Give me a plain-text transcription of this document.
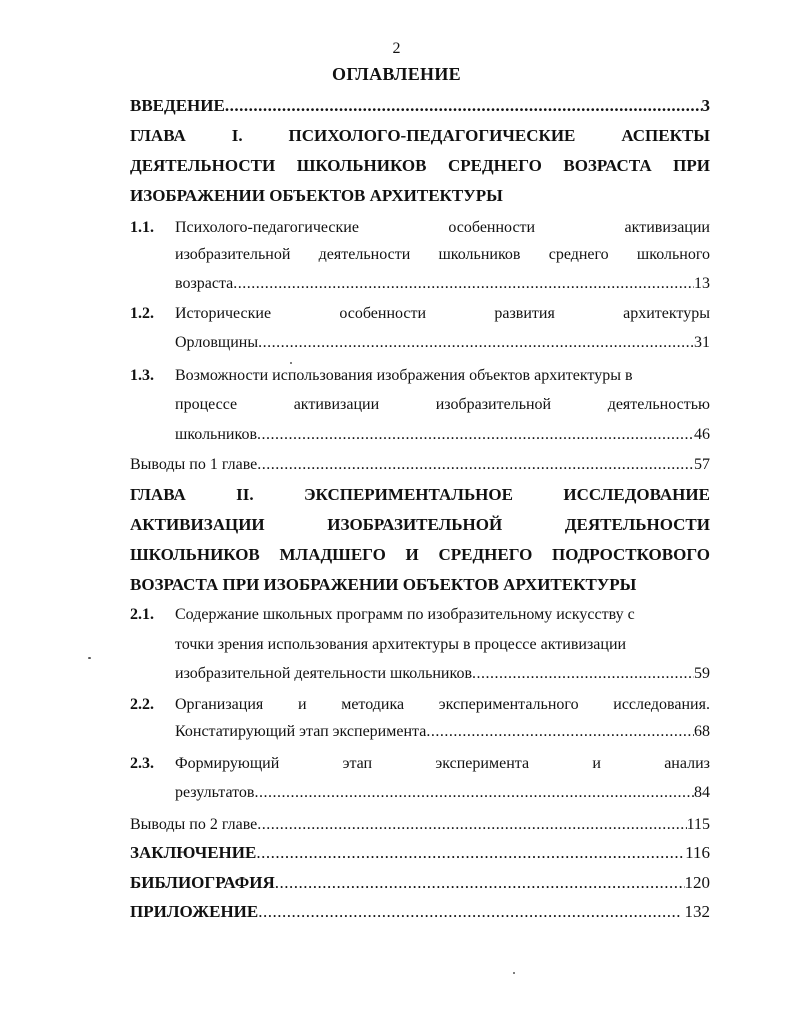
2
ОГЛАВЛЕНИЕ
ВВЕДЕНИЕ .....	3
ГЛАВА	I.	ПСИХОЛОГО-ПЕДАГОГИЧЕСКИЕ	АСПЕКТЫ
ДЕЯТЕЛЬНОСТИ ШКОЛЬНИКОВ СРЕДНЕГО ВОЗРАСТА ПРИ
ИЗОБРАЖЕНИИ ОБЪЕКТОВ АРХИТЕКТУРЫ
1.1. Психолого-педагогические	особенности	активизации
изобразительной деятельности школьников среднего школьного
возраста .....	13
1.2. Исторические	особенности	развития	архитектуры
Орловщины .....	31
1.3. Возможности использования изображения объектов архитектуры в
процессе	активизации	изобразительной	деятельностью
школьников .....	46
Выводы по 1 главе .....	57
ГЛАВА	II.	ЭКСПЕРИМЕНТАЛЬНОЕ	ИССЛЕДОВАНИЕ
АКТИВИЗАЦИИ	ИЗОБРАЗИТЕЛЬНОЙ	ДЕЯТЕЛЬНОСТИ
ШКОЛЬНИКОВ МЛАДШЕГО И СРЕДНЕГО ПОДРОСТКОВОГО
ВОЗРАСТА ПРИ ИЗОБРАЖЕНИИ ОБЪЕКТОВ АРХИТЕКТУРЫ
2.1. Содержание школьных программ по изобразительному искусству с
точки зрения использования архитектуры в процессе активизации
изобразительной деятельности школьников .....	59
2.2. Организация и методика экспериментального исследования.
Констатирующий этап эксперимента .....	68
2.3. Формирующий	этап	эксперимента	и	анализ
результатов .....	84
Выводы по 2 главе .....	115
ЗАКЛЮЧЕНИЕ .....	116
БИБЛИОГРАФИЯ .....	120
ПРИЛОЖЕНИЕ .....	132
